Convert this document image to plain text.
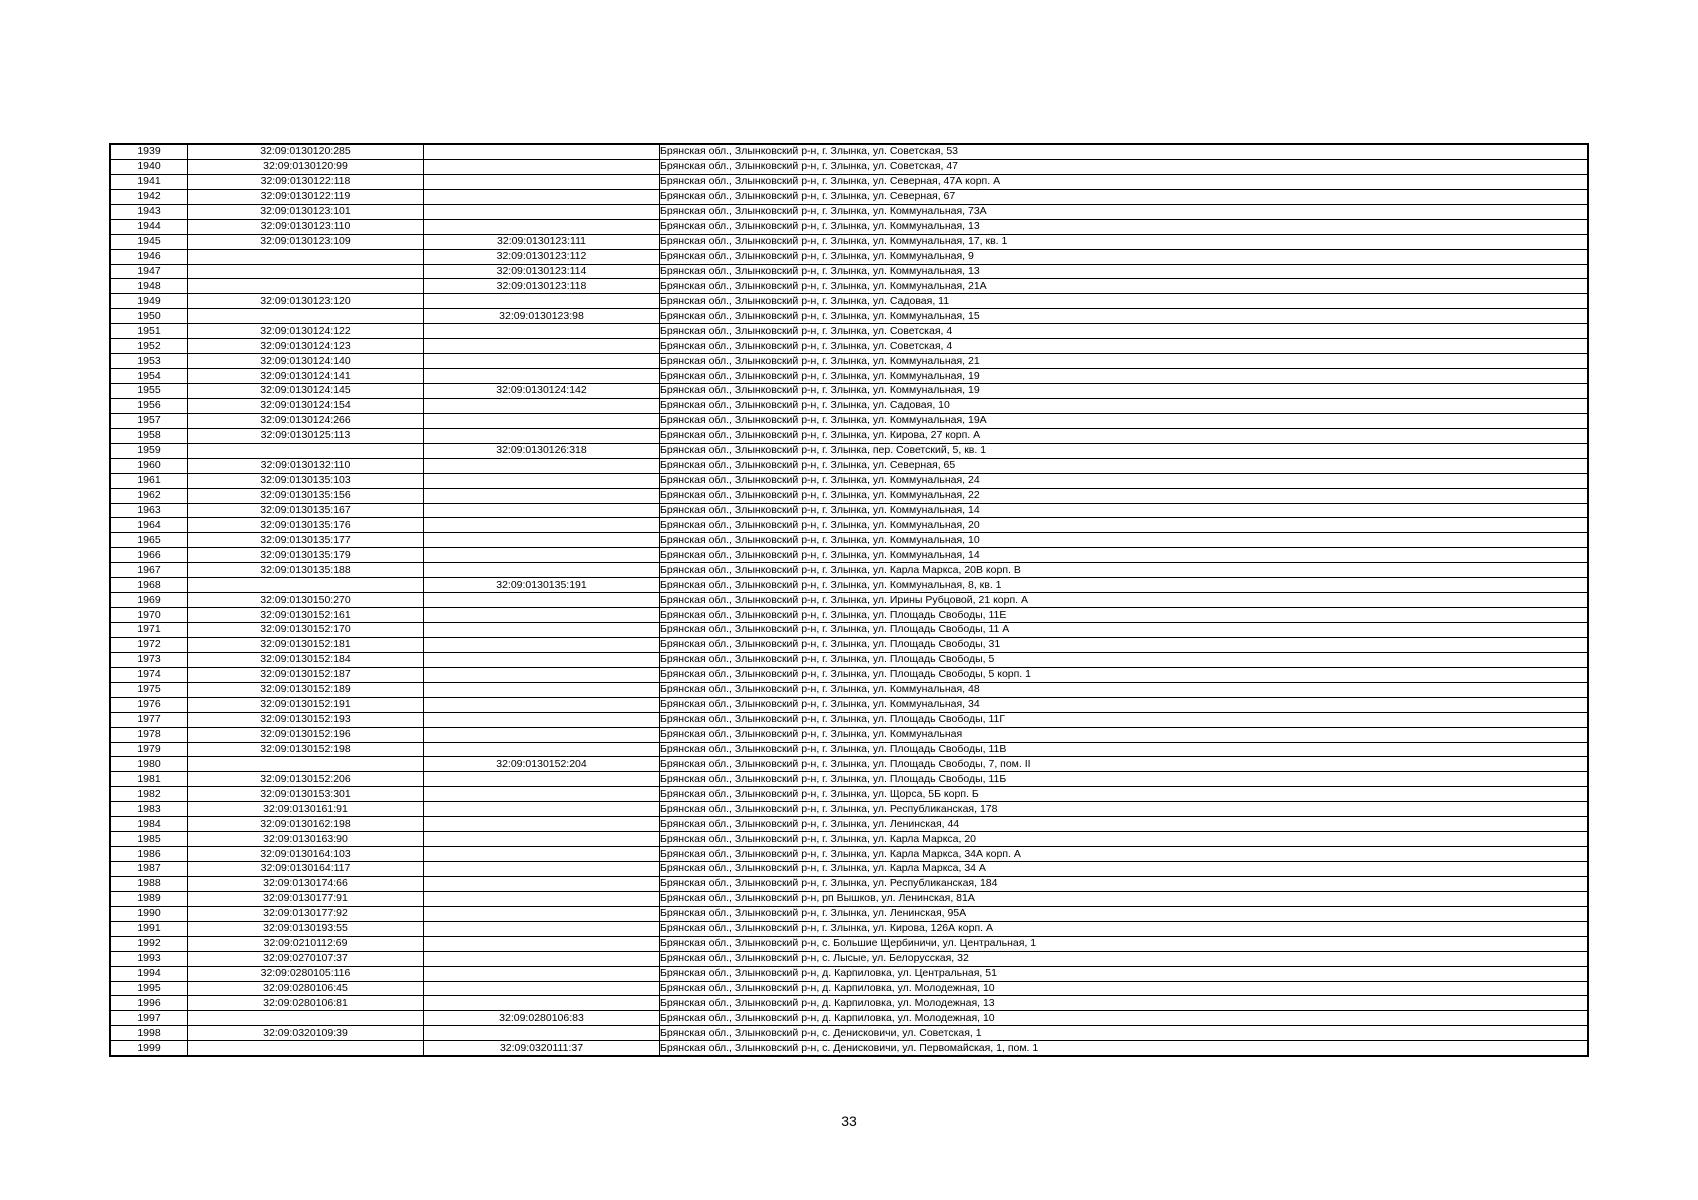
1939	32:09:0130120:285		Брянская обл., Злынковский р-н, г. Злынка, ул. Советская, 53
1940	32:09:0130120:99		Брянская обл., Злынковский р-н, г. Злынка, ул. Советская, 47
1941	32:09:0130122:118		Брянская обл., Злынковский р-н, г. Злынка, ул. Северная, 47А корп. А
1942	32:09:0130122:119		Брянская обл., Злынковский р-н, г. Злынка, ул. Северная, 67
1943	32:09:0130123:101		Брянская обл., Злынковский р-н, г. Злынка, ул. Коммунальная, 73А
1944	32:09:0130123:110		Брянская обл., Злынковский р-н, г. Злынка, ул. Коммунальная, 13
1945	32:09:0130123:109	32:09:0130123:111	Брянская обл., Злынковский р-н, г. Злынка, ул. Коммунальная, 17, кв. 1
1946		32:09:0130123:112	Брянская обл., Злынковский р-н, г. Злынка, ул. Коммунальная, 9
1947		32:09:0130123:114	Брянская обл., Злынковский р-н, г. Злынка, ул. Коммунальная, 13
1948		32:09:0130123:118	Брянская обл., Злынковский р-н, г. Злынка, ул. Коммунальная, 21А
1949	32:09:0130123:120		Брянская обл., Злынковский р-н, г. Злынка, ул. Садовая, 11
1950		32:09:0130123:98	Брянская обл., Злынковский р-н, г. Злынка, ул. Коммунальная, 15
1951	32:09:0130124:122		Брянская обл., Злынковский р-н, г. Злынка, ул. Советская, 4
1952	32:09:0130124:123		Брянская обл., Злынковский р-н, г. Злынка, ул. Советская, 4
1953	32:09:0130124:140		Брянская обл., Злынковский р-н, г. Злынка, ул. Коммунальная, 21
1954	32:09:0130124:141		Брянская обл., Злынковский р-н, г. Злынка, ул. Коммунальная, 19
1955	32:09:0130124:145	32:09:0130124:142	Брянская обл., Злынковский р-н, г. Злынка, ул. Коммунальная, 19
1956	32:09:0130124:154		Брянская обл., Злынковский р-н, г. Злынка, ул. Садовая, 10
1957	32:09:0130124:266		Брянская обл., Злынковский р-н, г. Злынка, ул. Коммунальная, 19А
1958	32:09:0130125:113		Брянская обл., Злынковский р-н, г. Злынка, ул. Кирова, 27 корп. А
1959		32:09:0130126:318	Брянская обл., Злынковский р-н, г. Злынка, пер. Советский, 5, кв. 1
1960	32:09:0130132:110		Брянская обл., Злынковский р-н, г. Злынка, ул. Северная, 65
1961	32:09:0130135:103		Брянская обл., Злынковский р-н, г. Злынка, ул. Коммунальная, 24
1962	32:09:0130135:156		Брянская обл., Злынковский р-н, г. Злынка, ул. Коммунальная, 22
1963	32:09:0130135:167		Брянская обл., Злынковский р-н, г. Злынка, ул. Коммунальная, 14
1964	32:09:0130135:176		Брянская обл., Злынковский р-н, г. Злынка, ул. Коммунальная, 20
1965	32:09:0130135:177		Брянская обл., Злынковский р-н, г. Злынка, ул. Коммунальная, 10
1966	32:09:0130135:179		Брянская обл., Злынковский р-н, г. Злынка, ул. Коммунальная, 14
1967	32:09:0130135:188		Брянская обл., Злынковский р-н, г. Злынка, ул. Карла Маркса, 20В корп. В
1968		32:09:0130135:191	Брянская обл., Злынковский р-н, г. Злынка, ул. Коммунальная, 8, кв. 1
1969	32:09:0130150:270		Брянская обл., Злынковский р-н, г. Злынка, ул. Ирины Рубцовой, 21 корп. А
1970	32:09:0130152:161		Брянская обл., Злынковский р-н, г. Злынка, ул. Площадь Свободы, 11Е
1971	32:09:0130152:170		Брянская обл., Злынковский р-н, г. Злынка, ул. Площадь Свободы, 11 А
1972	32:09:0130152:181		Брянская обл., Злынковский р-н, г. Злынка, ул. Площадь Свободы, 31
1973	32:09:0130152:184		Брянская обл., Злынковский р-н, г. Злынка, ул. Площадь Свободы, 5
1974	32:09:0130152:187		Брянская обл., Злынковский р-н, г. Злынка, ул. Площадь Свободы, 5 корп. 1
1975	32:09:0130152:189		Брянская обл., Злынковский р-н, г. Злынка, ул. Коммунальная, 48
1976	32:09:0130152:191		Брянская обл., Злынковский р-н, г. Злынка, ул. Коммунальная, 34
1977	32:09:0130152:193		Брянская обл., Злынковский р-н, г. Злынка, ул. Площадь Свободы, 11Г
1978	32:09:0130152:196		Брянская обл., Злынковский р-н, г. Злынка, ул. Коммунальная
1979	32:09:0130152:198		Брянская обл., Злынковский р-н, г. Злынка, ул. Площадь Свободы, 11В
1980		32:09:0130152:204	Брянская обл., Злынковский р-н, г. Злынка, ул. Площадь Свободы, 7, пом. II
1981	32:09:0130152:206		Брянская обл., Злынковский р-н, г. Злынка, ул. Площадь Свободы, 11Б
1982	32:09:0130153:301		Брянская обл., Злынковский р-н, г. Злынка, ул. Щорса, 5Б корп. Б
1983	32:09:0130161:91		Брянская обл., Злынковский р-н, г. Злынка, ул. Республиканская, 178
1984	32:09:0130162:198		Брянская обл., Злынковский р-н, г. Злынка, ул. Ленинская, 44
1985	32:09:0130163:90		Брянская обл., Злынковский р-н, г. Злынка, ул. Карла Маркса, 20
1986	32:09:0130164:103		Брянская обл., Злынковский р-н, г. Злынка, ул. Карла Маркса, 34А корп. А
1987	32:09:0130164:117		Брянская обл., Злынковский р-н, г. Злынка, ул. Карла Маркса, 34 А
1988	32:09:0130174:66		Брянская обл., Злынковский р-н, г. Злынка, ул. Республиканская, 184
1989	32:09:0130177:91		Брянская обл., Злынковский р-н, рп Вышков, ул. Ленинская, 81А
1990	32:09:0130177:92		Брянская обл., Злынковский р-н, г. Злынка, ул. Ленинская, 95А
1991	32:09:0130193:55		Брянская обл., Злынковский р-н, г. Злынка, ул. Кирова, 126А корп. А
1992	32:09:0210112:69		Брянская обл., Злынковский р-н, с. Большие Щербиничи, ул. Центральная, 1
1993	32:09:0270107:37		Брянская обл., Злынковский р-н, с. Лысые, ул. Белорусская, 32
1994	32:09:0280105:116		Брянская обл., Злынковский р-н, д. Карпиловка, ул. Центральная, 51
1995	32:09:0280106:45		Брянская обл., Злынковский р-н, д. Карпиловка, ул. Молодежная, 10
1996	32:09:0280106:81		Брянская обл., Злынковский р-н, д. Карпиловка, ул. Молодежная, 13
1997		32:09:0280106:83	Брянская обл., Злынковский р-н, д. Карпиловка, ул. Молодежная, 10
1998	32:09:0320109:39		Брянская обл., Злынковский р-н, с. Денисковичи, ул. Советская, 1
1999		32:09:0320111:37	Брянская обл., Злынковский р-н, с. Денисковичи, ул. Первомайская, 1, пом. 1
33
